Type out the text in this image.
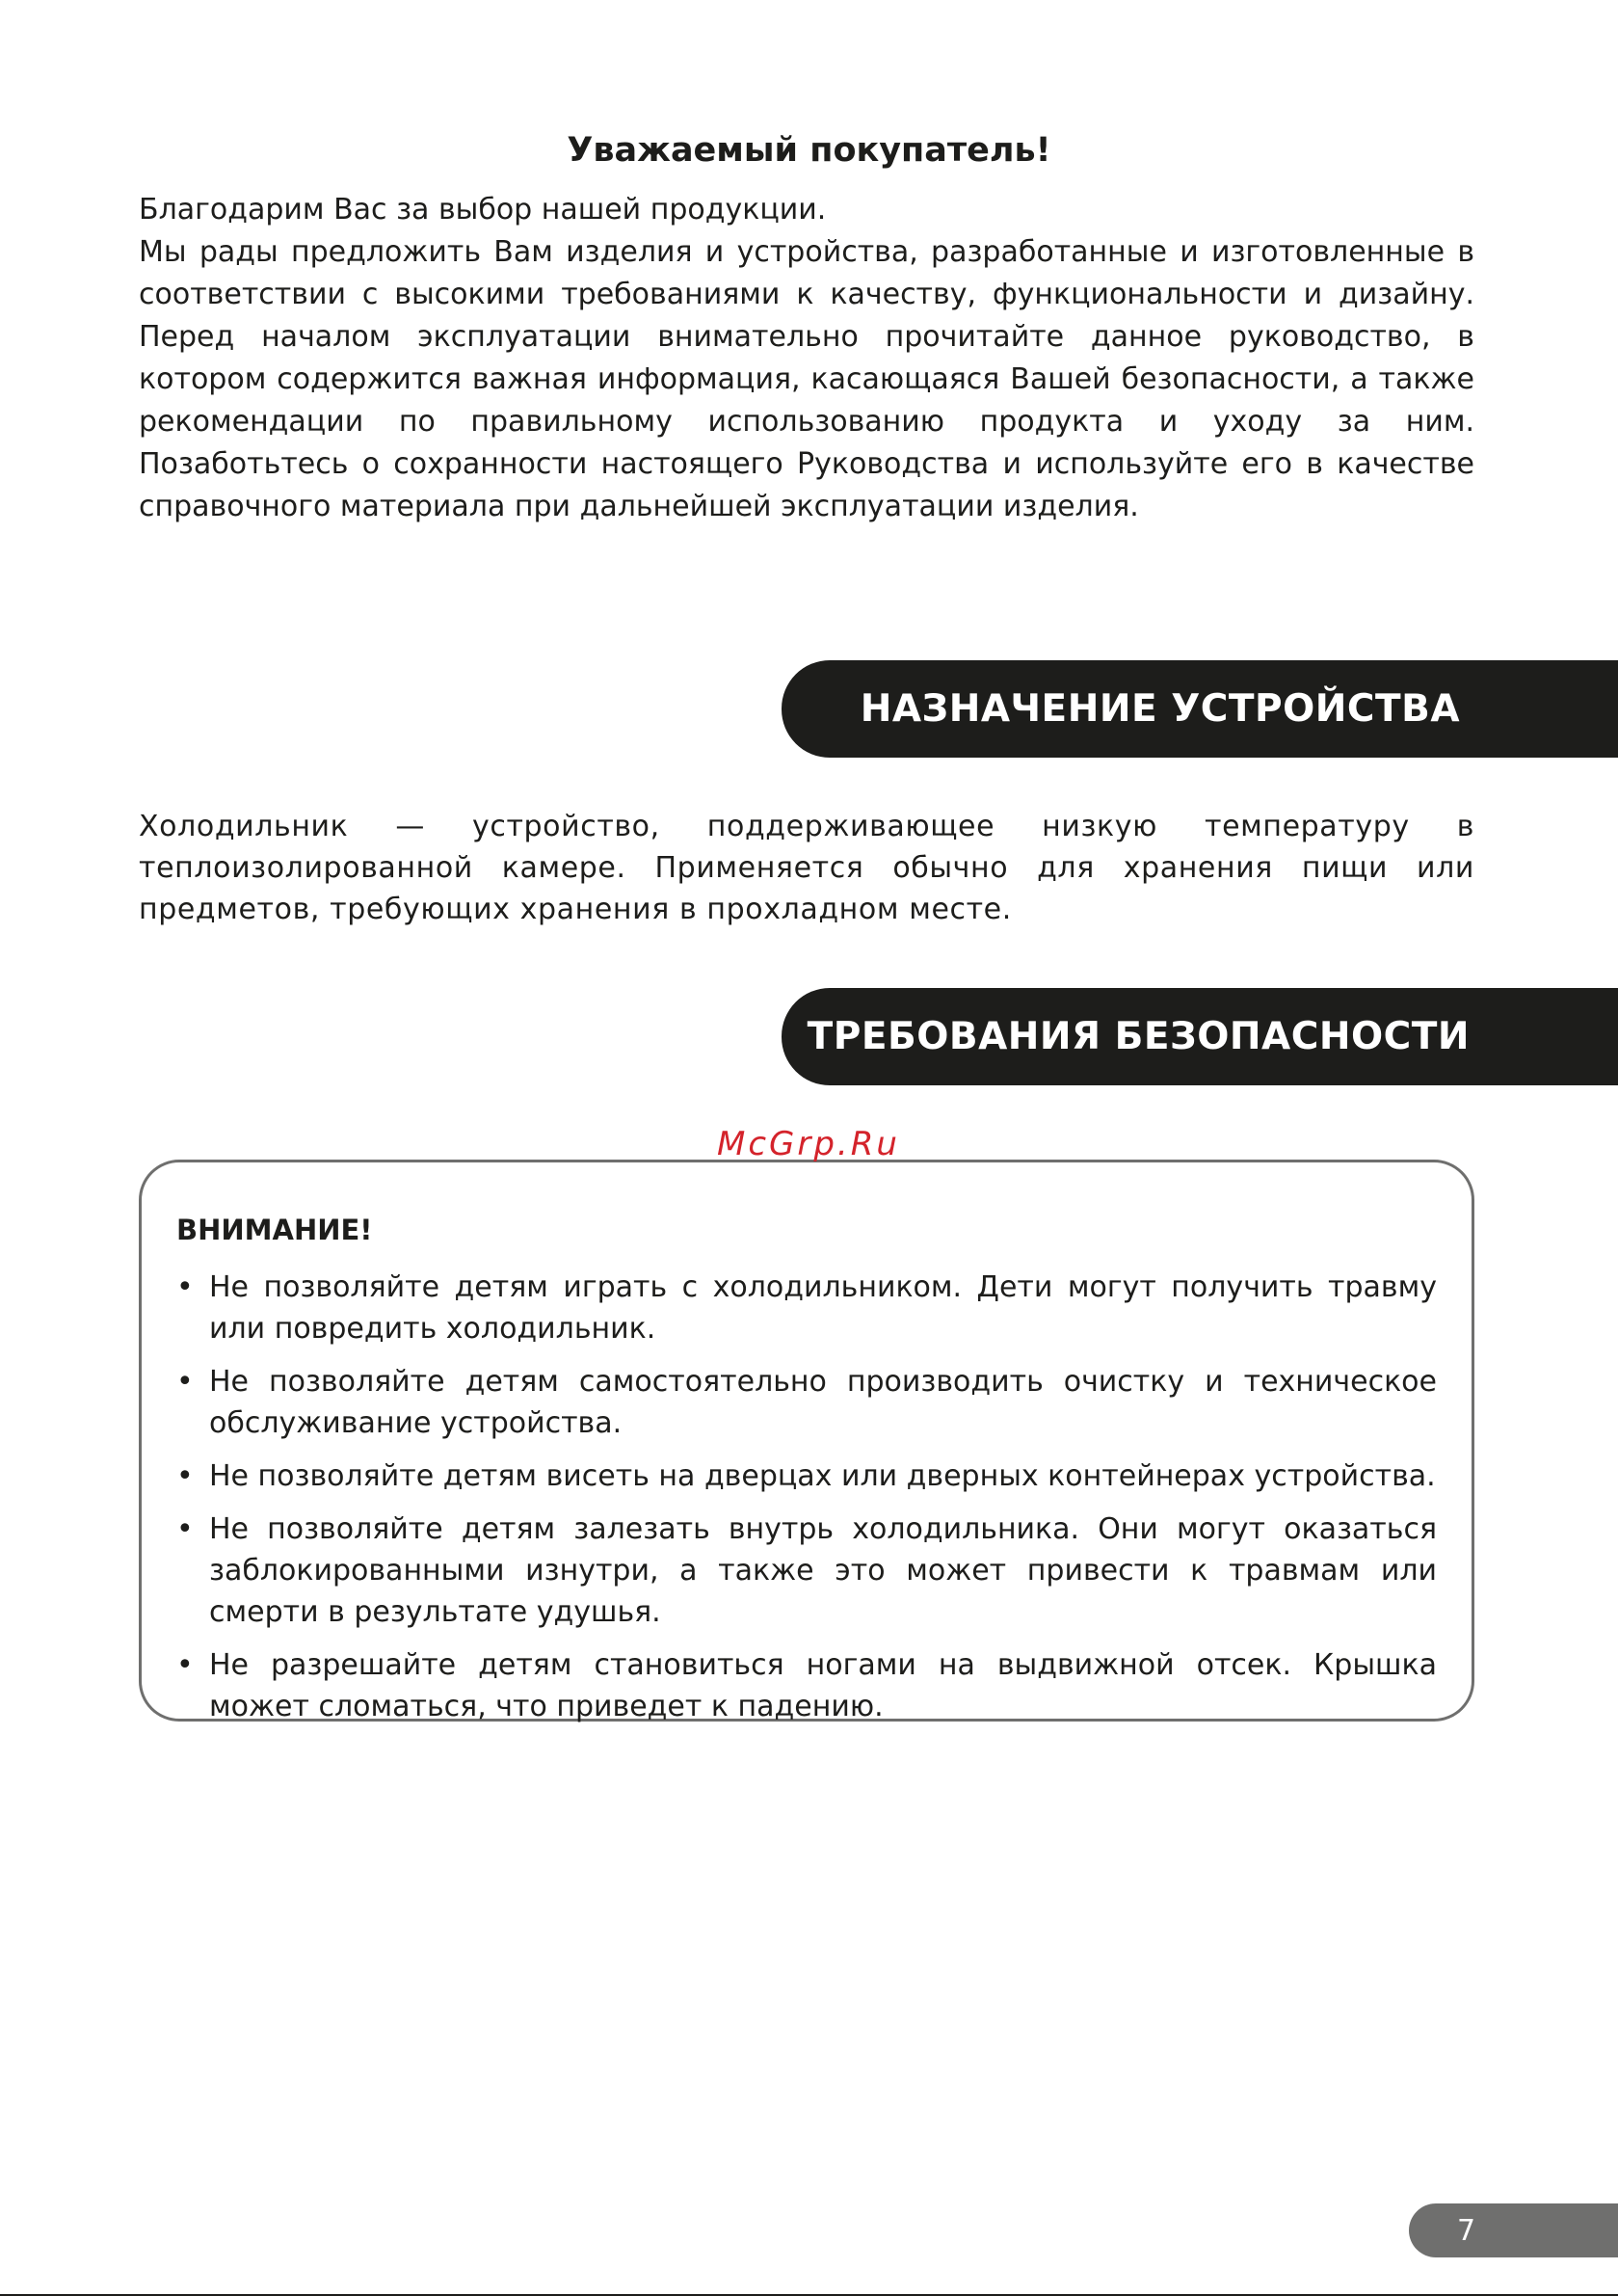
Уважаемый покупатель!

Благодарим Вас за выбор нашей продукции.

Мы рады предложить Вам изделия и устройства, разработанные и изготовленные в соответствии с высокими требованиями к качеству, функциональности и дизайну. Перед началом эксплуатации внимательно прочитайте данное руководство, в котором содержится важная информация, касающаяся Вашей безопасности, а также рекомендации по правильному использованию продукта и уходу за ним. Позаботьтесь о сохранности настоящего Руководства и используйте его в качестве справочного материала при дальнейшей эксплуатации изделия.

НАЗНАЧЕНИЕ УСТРОЙСТВА

Холодильник — устройство, поддерживающее низкую температуру в теплоизолированной камере. Применяется обычно для хранения пищи или предметов, требующих хранения в прохладном месте.

ТРЕБОВАНИЯ БЕЗОПАСНОСТИ

McGrp.Ru

ВНИМАНИЕ!

• Не позволяйте детям играть с холодильником. Дети могут получить травму или повредить холодильник.
• Не позволяйте детям самостоятельно производить очистку и техническое обслуживание устройства.
• Не позволяйте детям висеть на дверцах или дверных контейнерах устройства.
• Не позволяйте детям залезать внутрь холодильника. Они могут оказаться заблокированными изнутри, а также это может привести к травмам или смерти в результате удушья.
• Не разрешайте детям становиться ногами на выдвижной отсек. Крышка может сломаться, что приведет к падению.
7
